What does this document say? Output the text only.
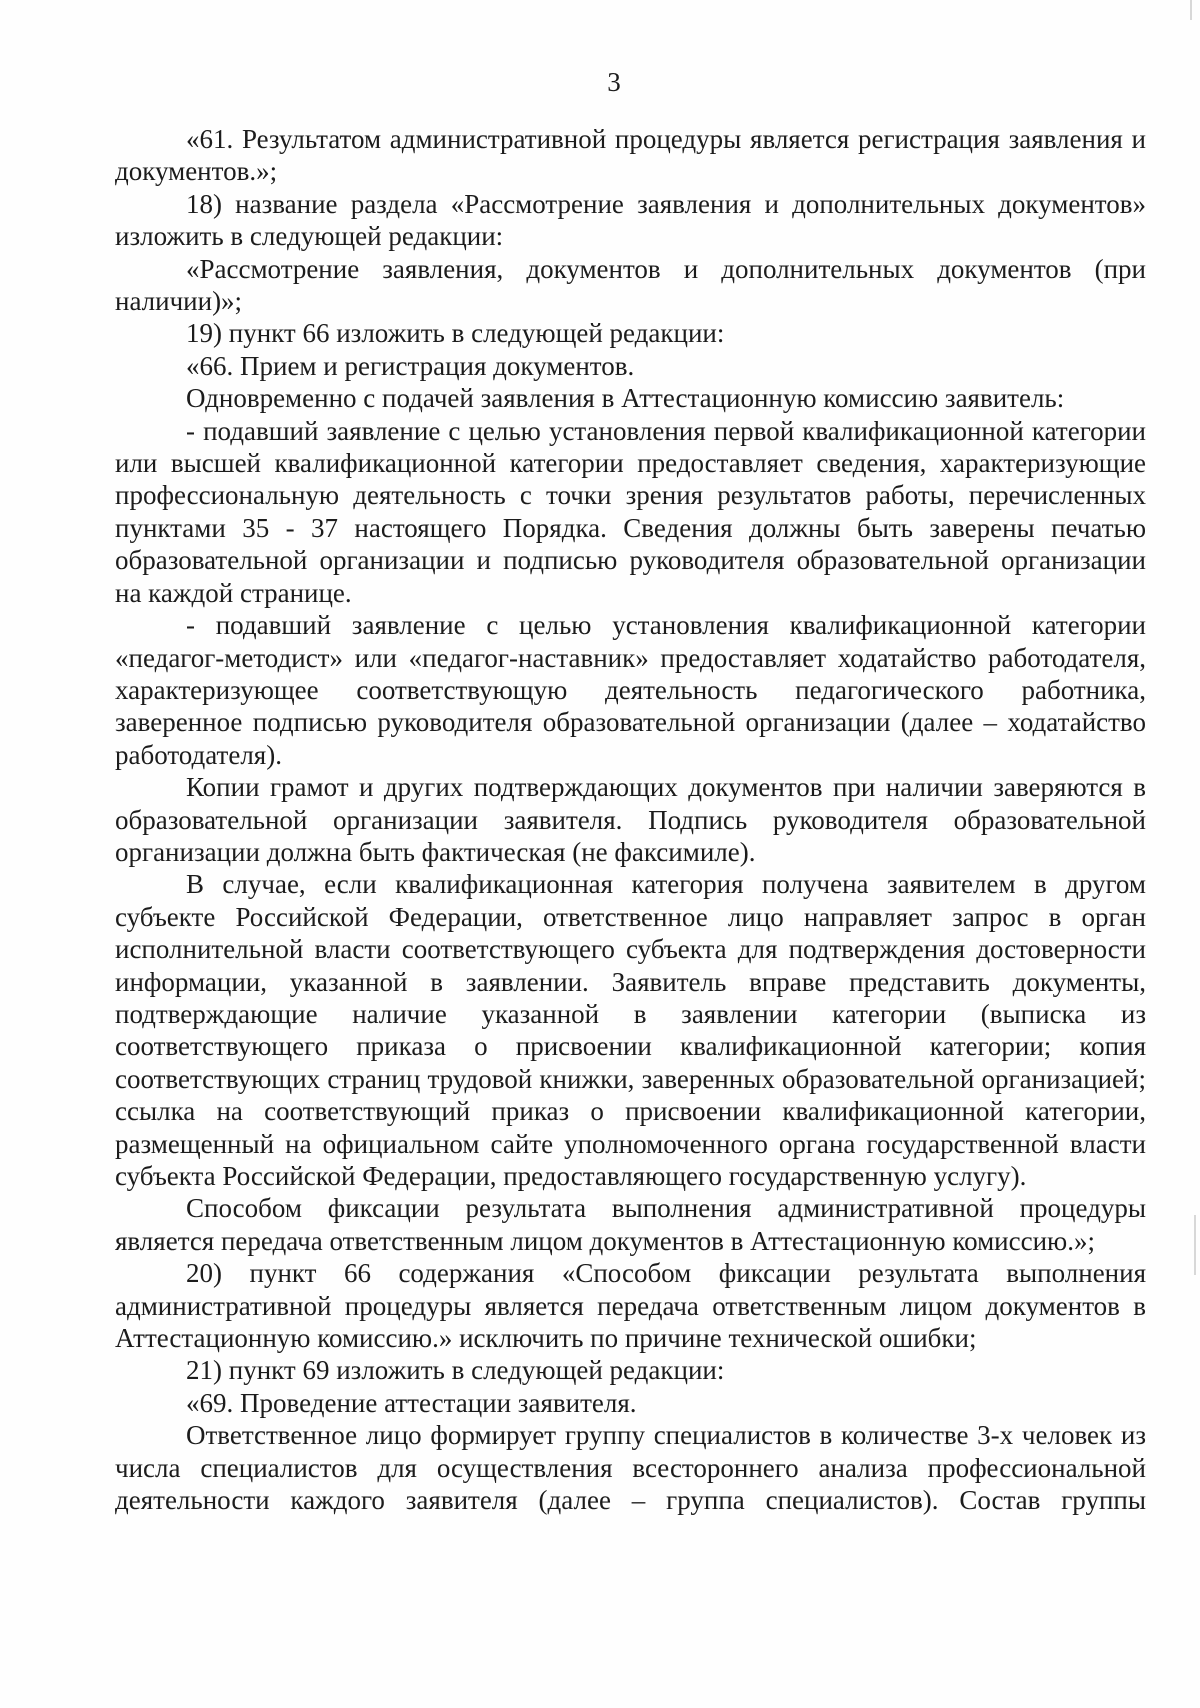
3

«61. Результатом административной процедуры является регистрация заявления и документов.»;

18) название раздела «Рассмотрение заявления и дополнительных документов» изложить в следующей редакции:

«Рассмотрение заявления, документов и дополнительных документов (при наличии)»;

19) пункт 66 изложить в следующей редакции:

«66. Прием и регистрация документов.

Одновременно с подачей заявления в Аттестационную комиссию заявитель:

- подавший заявление с целью установления первой квалификационной категории или высшей квалификационной категории предоставляет сведения, характеризующие профессиональную деятельность с точки зрения результатов работы, перечисленных пунктами 35 - 37 настоящего Порядка. Сведения должны быть заверены печатью образовательной организации и подписью руководителя образовательной организации на каждой странице.

- подавший заявление с целью установления квалификационной категории «педагог-методист» или «педагог-наставник» предоставляет ходатайство работодателя, характеризующее соответствующую деятельность педагогического работника, заверенное подписью руководителя образовательной организации (далее – ходатайство работодателя).

Копии грамот и других подтверждающих документов при наличии заверяются в образовательной организации заявителя. Подпись руководителя образовательной организации должна быть фактическая (не факсимиле).

В случае, если квалификационная категория получена заявителем в другом субъекте Российской Федерации, ответственное лицо направляет запрос в орган исполнительной власти соответствующего субъекта для подтверждения достоверности информации, указанной в заявлении. Заявитель вправе представить документы, подтверждающие наличие указанной в заявлении категории (выписка из соответствующего приказа о присвоении квалификационной категории; копия соответствующих страниц трудовой книжки, заверенных образовательной организацией; ссылка на соответствующий приказ о присвоении квалификационной категории, размещенный на официальном сайте уполномоченного органа государственной власти субъекта Российской Федерации, предоставляющего государственную услугу).

Способом фиксации результата выполнения административной процедуры является передача ответственным лицом документов в Аттестационную комиссию.»;

20) пункт 66 содержания «Способом фиксации результата выполнения административной процедуры является передача ответственным лицом документов в Аттестационную комиссию.» исключить по причине технической ошибки;

21) пункт 69 изложить в следующей редакции:

«69. Проведение аттестации заявителя.

Ответственное лицо формирует группу специалистов в количестве 3-х человек из числа специалистов для осуществления всестороннего анализа профессиональной деятельности каждого заявителя (далее – группа специалистов). Состав группы
